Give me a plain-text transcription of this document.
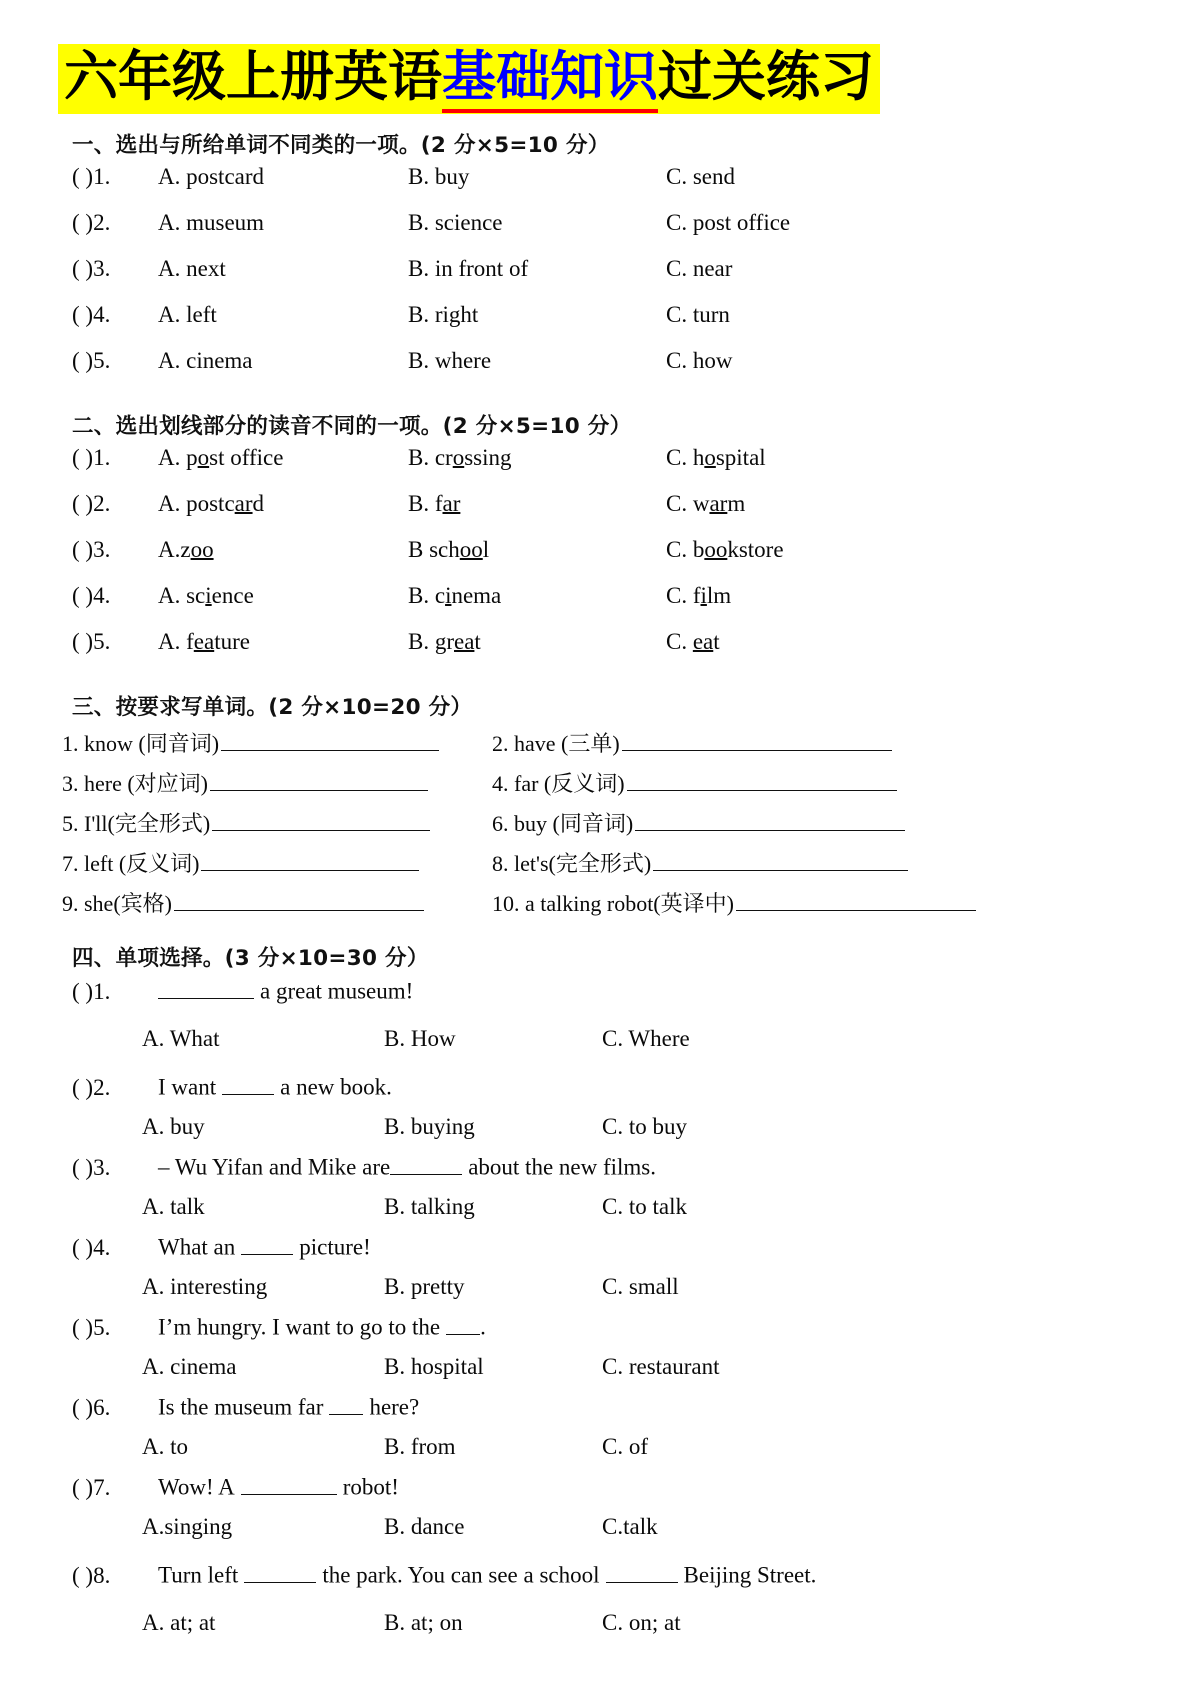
六年级上册英语基础知识过关练习
一、选出与所给单词不同类的一项。(2 分×5=10 分）
( )1.	A. postcard	B. buy	C. send
( )2.	A. museum	B. science	C. post office
( )3.	A. next	B. in front of	C. near
( )4.	A. left	B. right	C. turn
( )5.	A. cinema	B. where	C. how
二、选出划线部分的读音不同的一项。(2 分×5=10 分）
( )1.	A. post office	B. crossing	C. hospital
( )2.	A. postcard	B. far	C. warm
( )3.	A.zoo	B school	C. bookstore
( )4.	A. science	B. cinema	C. film
( )5.	A. feature	B. great	C. eat
三、按要求写单词。(2 分×10=20 分）
1. know (同音词)	2. have (三单)
3. here (对应词)	4. far (反义词)
5. I'll(完全形式)	6. buy (同音词)
7. left (反义词)	8. let's(完全形式)
9. she(宾格)	10. a talking robot(英译中)
四、单项选择。(3 分×10=30 分）
( )1.	a great museum!
A. What	B. How	C. Where
( )2.	I want	a new book.
A. buy	B. buying	C. to buy
( )3.	– Wu Yifan and Mike are	about the new films.
A. talk	B. talking	C. to talk
( )4.	What an	picture!
A. interesting	B. pretty	C. small
( )5.	I’m hungry. I want to go to the .
A. cinema	B. hospital	C. restaurant
( )6.	Is the museum far here?
A. to	B. from	C. of
( )7.	Wow! A	robot!
A.singing	B. dance	C.talk
( )8.	Turn left	the park. You can see a school	Beijing Street.
A. at; at	B. at; on	C. on; at
